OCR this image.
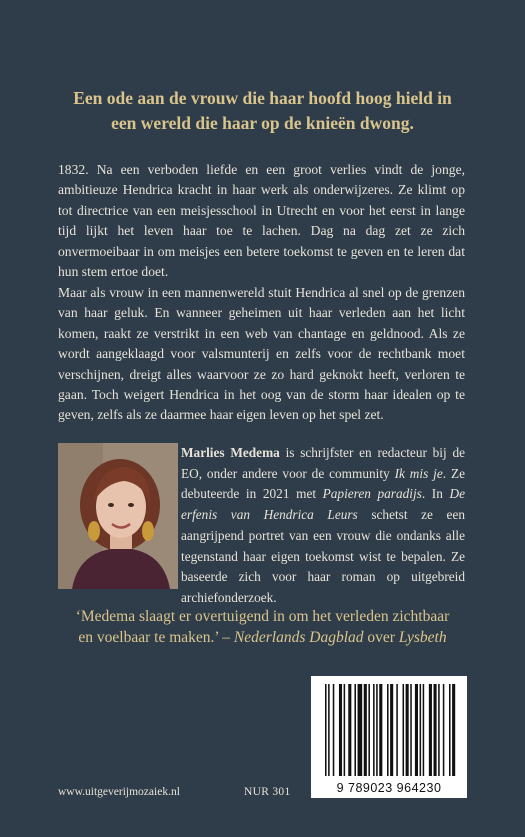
Een ode aan de vrouw die haar hoofd hoog hield in
een wereld die haar op de knieën dwong.
1832. Na een verboden liefde en een groot verlies vindt de jonge, ambitieuze Hendrica kracht in haar werk als onderwijzeres. Ze klimt op tot directrice van een meisjesschool in Utrecht en voor het eerst in lange tijd lijkt het leven haar toe te lachen. Dag na dag zet ze zich onvermoeibaar in om meisjes een betere toekomst te geven en te leren dat hun stem ertoe doet.
Maar als vrouw in een mannenwereld stuit Hendrica al snel op de grenzen van haar geluk. En wanneer geheimen uit haar verleden aan het licht komen, raakt ze verstrikt in een web van chantage en geldnood. Als ze wordt aangeklaagd voor valsmunterij en zelfs voor de rechtbank moet verschijnen, dreigt alles waarvoor ze zo hard geknokt heeft, verloren te gaan. Toch weigert Hendrica in het oog van de storm haar idealen op te geven, zelfs als ze daarmee haar eigen leven op het spel zet.
Marlies Medema is schrijfster en redacteur bij de EO, onder andere voor de community Ik mis je. Ze debuteerde in 2021 met Papieren paradijs. In De erfenis van Hendrica Leurs schetst ze een aangrijpend portret van een vrouw die ondanks alle tegenstand haar eigen toekomst wist te bepalen. Ze baseerde zich voor haar roman op uitgebreid archiefonderzoek.
‘Medema slaagt er overtuigend in om het verleden zichtbaar
en voelbaar te maken.’ – Nederlands Dagblad over Lysbeth
9 789023 964230
www.uitgeverijmozaiek.nl	NUR 301
